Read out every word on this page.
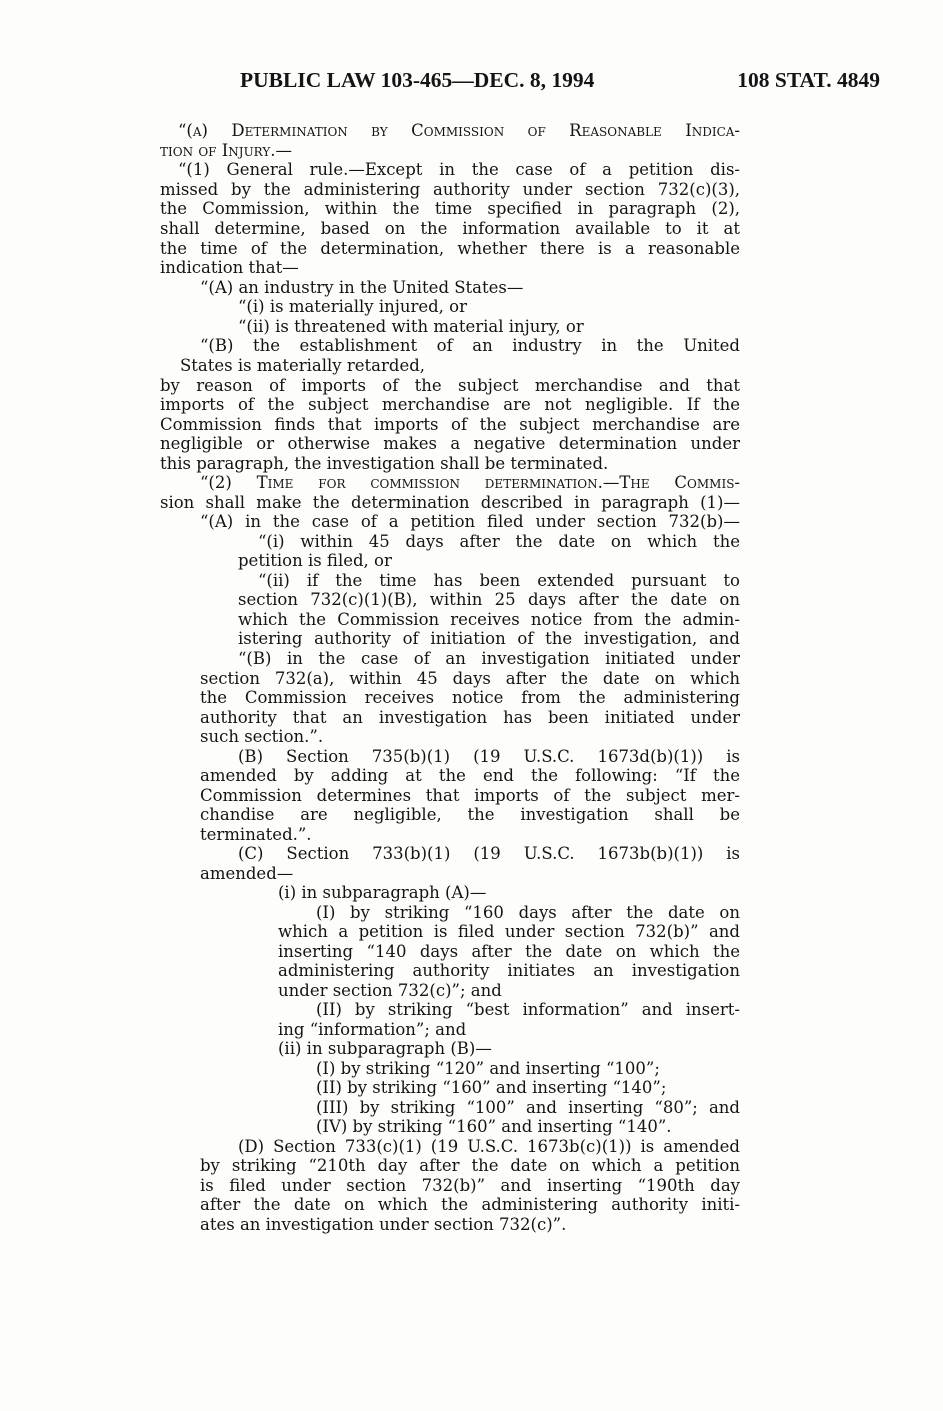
PUBLIC LAW 103-465—DEC. 8, 1994	108 STAT. 4849
“(a) Determination by Commission of Reasonable Indica-
tion of Injury.—
“(1) General rule.—Except in the case of a petition dis-
missed by the administering authority under section 732(c)(3),
the Commission, within the time specified in paragraph (2),
shall determine, based on the information available to it at
the time of the determination, whether there is a reasonable
indication that—
“(A) an industry in the United States—
“(i) is materially injured, or
“(ii) is threatened with material injury, or
“(B) the establishment of an industry in the United
States is materially retarded,
by reason of imports of the subject merchandise and that
imports of the subject merchandise are not negligible. If the
Commission finds that imports of the subject merchandise are
negligible or otherwise makes a negative determination under
this paragraph, the investigation shall be terminated.
“(2) Time for commission determination.—The Commis-
sion shall make the determination described in paragraph (1)—
“(A) in the case of a petition filed under section 732(b)—
“(i) within 45 days after the date on which the
petition is filed, or
“(ii) if the time has been extended pursuant to
section 732(c)(1)(B), within 25 days after the date on
which the Commission receives notice from the admin-
istering authority of initiation of the investigation, and
“(B) in the case of an investigation initiated under
section 732(a), within 45 days after the date on which
the Commission receives notice from the administering
authority that an investigation has been initiated under
such section.”.
(B) Section 735(b)(1) (19 U.S.C. 1673d(b)(1)) is
amended by adding at the end the following: “If the
Commission determines that imports of the subject mer-
chandise are negligible, the investigation shall be
terminated.”.
(C) Section 733(b)(1) (19 U.S.C. 1673b(b)(1)) is
amended—
(i) in subparagraph (A)—
(I) by striking “160 days after the date on
which a petition is filed under section 732(b)” and
inserting “140 days after the date on which the
administering authority initiates an investigation
under section 732(c)”; and
(II) by striking “best information” and insert-
ing “information”; and
(ii) in subparagraph (B)—
(I) by striking “120” and inserting “100”;
(II) by striking “160” and inserting “140”;
(III) by striking “100” and inserting “80”; and
(IV) by striking “160” and inserting “140”.
(D) Section 733(c)(1) (19 U.S.C. 1673b(c)(1)) is amended
by striking “210th day after the date on which a petition
is filed under section 732(b)” and inserting “190th day
after the date on which the administering authority initi-
ates an investigation under section 732(c)”.
